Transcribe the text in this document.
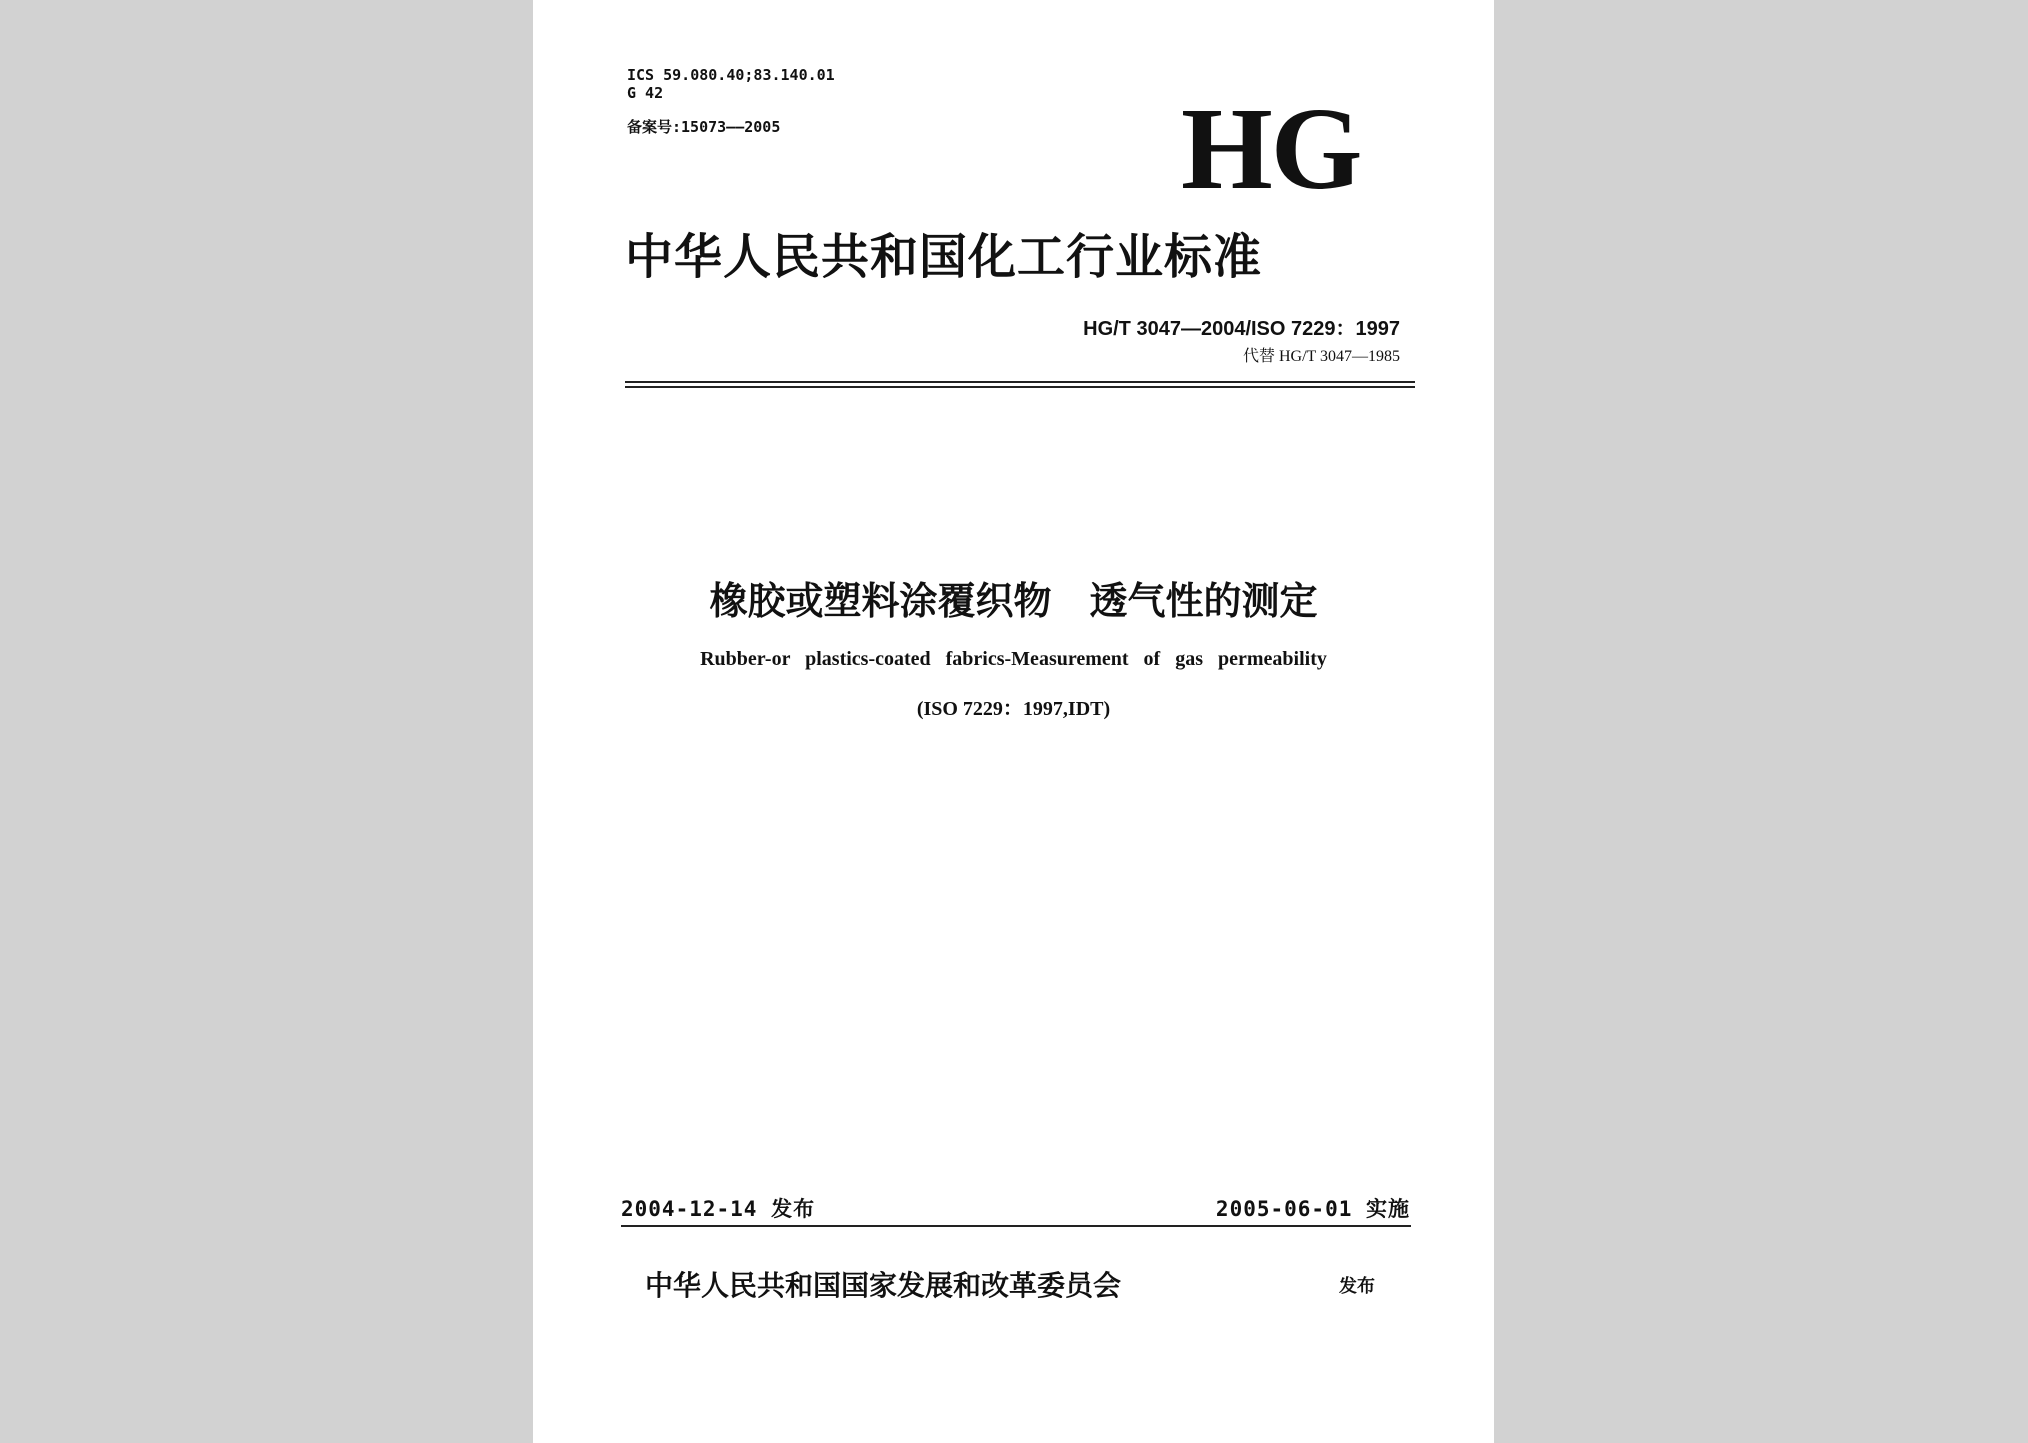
ICS 59.080.40;83.140.01
G 42
备案号:15073——2005	HG
中华人民共和国化工行业标准
HG/T 3047—2004/ISO 7229：1997
代替 HG/T 3047—1985
橡胶或塑料涂覆织物　透气性的测定
Rubber-or plastics-coated fabrics-Measurement of gas permeability
(ISO 7229：1997,IDT)
2004-12-14 发布	2005-06-01 实施
中华人民共和国国家发展和改革委员会	发布
